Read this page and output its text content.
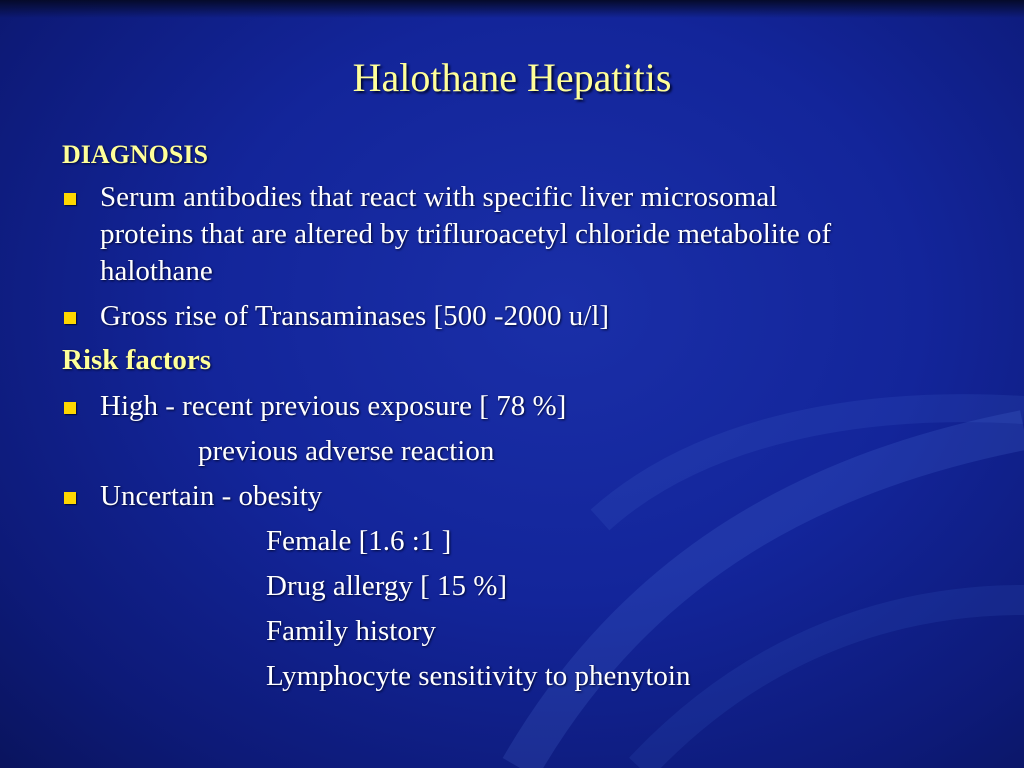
Halothane Hepatitis
DIAGNOSIS
Serum antibodies that react with specific liver microsomal
proteins that are altered by trifluroacetyl chloride metabolite of
halothane
Gross rise of Transaminases [500 -2000 u/l]
Risk factors
High - recent previous exposure [ 78 %]
previous adverse reaction
Uncertain - obesity
Female [1.6 :1 ]
Drug allergy [ 15 %]
Family history
Lymphocyte sensitivity to phenytoin
